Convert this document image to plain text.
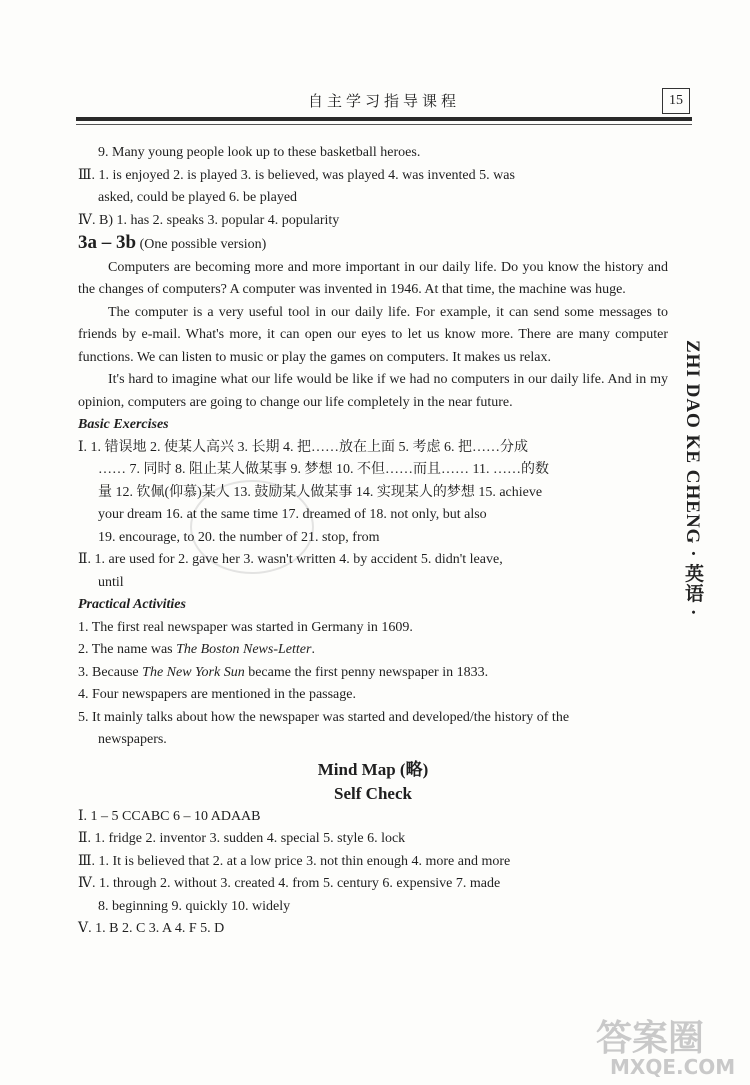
自主学习指导课程	15
9. Many young people look up to these basketball heroes.
Ⅲ. 1. is enjoyed 2. is played 3. is believed, was played 4. was invented 5. was
asked, could be played 6. be played
Ⅳ. B) 1. has 2. speaks 3. popular 4. popularity
3a – 3b (One possible version)
Computers are becoming more and more important in our daily life. Do you know the history and the changes of computers? A computer was invented in 1946. At that time, the machine was huge.
The computer is a very useful tool in our daily life. For example, it can send some messages to friends by e-mail. What's more, it can open our eyes to let us know more. There are many computer functions. We can listen to music or play the games on computers. It makes us relax.
It's hard to imagine what our life would be like if we had no computers in our daily life. And in my opinion, computers are going to change our life completely in the near future.
Basic Exercises
Ⅰ. 1. 错误地 2. 使某人高兴 3. 长期 4. 把……放在上面 5. 考虑 6. 把……分成
…… 7. 同时 8. 阻止某人做某事 9. 梦想 10. 不但……而且…… 11. ……的数
量 12. 钦佩(仰慕)某人 13. 鼓励某人做某事 14. 实现某人的梦想 15. achieve
your dream 16. at the same time 17. dreamed of 18. not only, but also
19. encourage, to 20. the number of 21. stop, from
Ⅱ. 1. are used for 2. gave her 3. wasn't written 4. by accident 5. didn't leave,
until
Practical Activities
1. The first real newspaper was started in Germany in 1609.
2. The name was The Boston News-Letter.
3. Because The New York Sun became the first penny newspaper in 1833.
4. Four newspapers are mentioned in the passage.
5. It mainly talks about how the newspaper was started and developed/the history of the
newspapers.
Mind Map (略)
Self Check
Ⅰ. 1 – 5 CCABC 6 – 10 ADAAB
Ⅱ. 1. fridge 2. inventor 3. sudden 4. special 5. style 6. lock
Ⅲ. 1. It is believed that 2. at a low price 3. not thin enough 4. more and more
Ⅳ. 1. through 2. without 3. created 4. from 5. century 6. expensive 7. made
8. beginning 9. quickly 10. widely
Ⅴ. 1. B 2. C 3. A 4. F 5. D
ZHI DAO KE CHENG · 英语 ·
答案圈
MXQE.COM
